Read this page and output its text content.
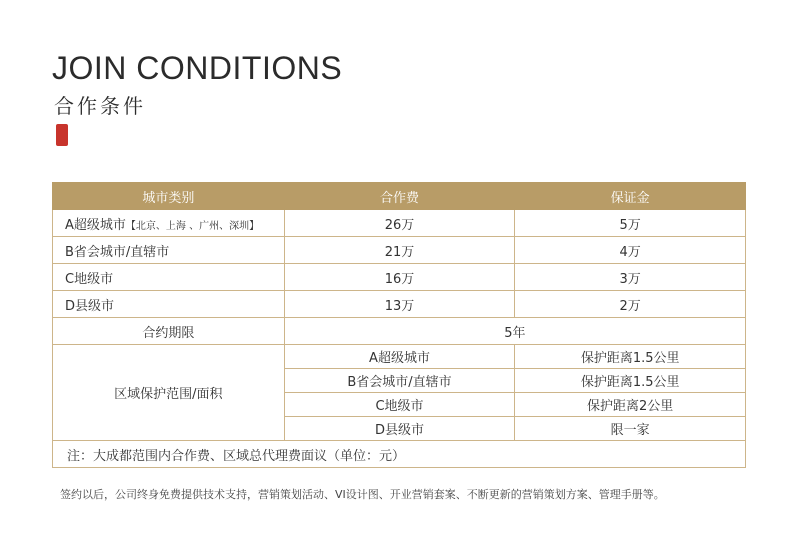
JOIN CONDITIONS
合作条件
城市类别	合作费	保证金
A超级城市【北京、上海 、广州、深圳】	26万	5万
B省会城市/直辖市	21万	4万
C地级市	16万	3万
D县级市	13万	2万
合约期限	5年	
区域保护范围/面积	A超级城市	保护距离1.5公里
	B省会城市/直辖市	保护距离1.5公里
	C地级市	保护距离2公里
	D县级市	限一家
注：大成都范围内合作费、区域总代理费面议（单位：元）		
签约以后，公司终身免费提供技术支持，营销策划活动、VI设计图、开业营销套案、不断更新的营销策划方案、管理手册等。
